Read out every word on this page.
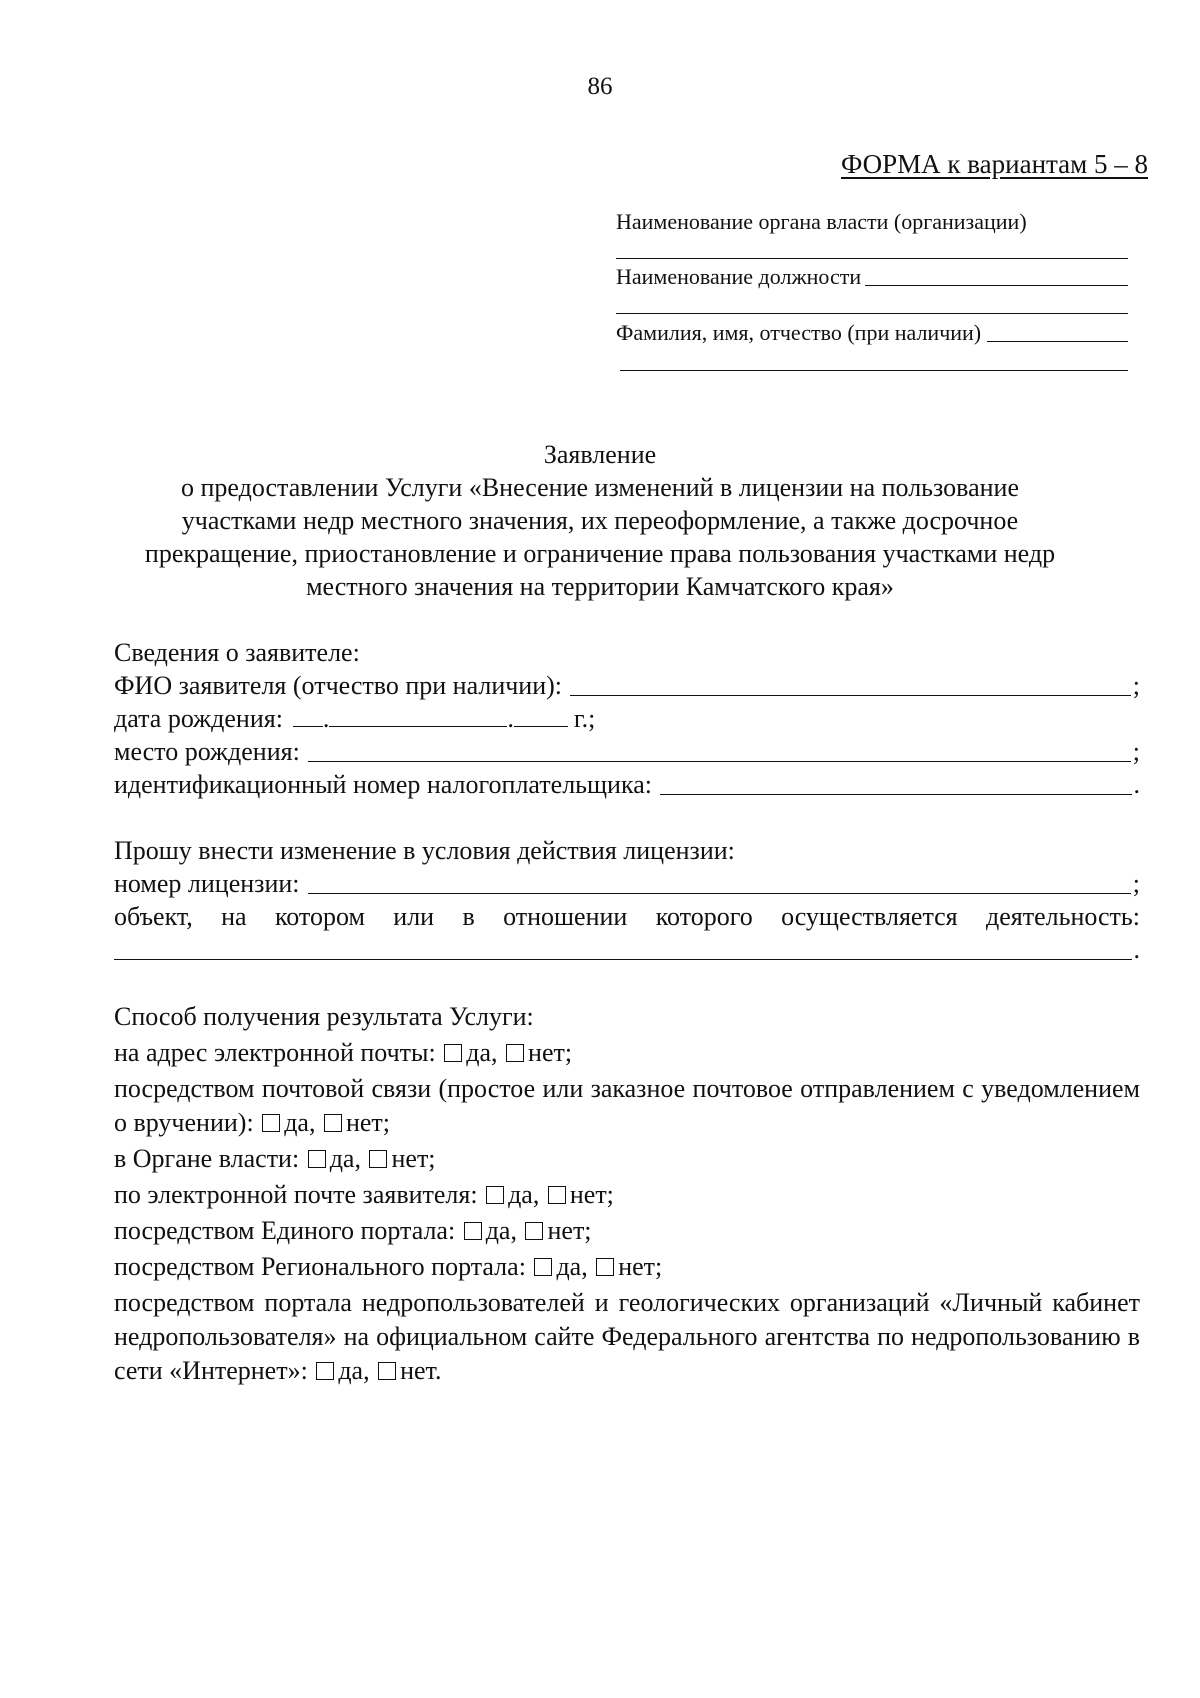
86
ФОРМА к вариантам 5 – 8
Наименование органа власти (организации)
Наименование должности
Фамилия, имя, отчество (при наличии)
Заявление
о предоставлении Услуги «Внесение изменений в лицензии на пользование
участками недр местного значения, их переоформление, а также досрочное
прекращение, приостановление и ограничение права пользования участками недр
местного значения на территории Камчатского края»
Сведения о заявителе:
ФИО заявителя (отчество при наличии):	;
дата рождения: .	. г.;
место рождения:	;
идентификационный номер налогоплательщика:	.
Прошу внести изменение в условия действия лицензии:
номер лицензии:	;
объект, на котором или в отношении которого осуществляется деятельность:
.
Способ получения результата Услуги:
на адрес электронной почты: да, нет;
посредством почтовой связи (простое или заказное почтовое отправлением с уведомлением о вручении): да, нет;
в Органе власти: да, нет;
по электронной почте заявителя: да, нет;
посредством Единого портала: да, нет;
посредством Регионального портала: да, нет;
посредством портала недропользователей и геологических организаций «Личный кабинет недропользователя» на официальном сайте Федерального агентства по недропользованию в сети «Интернет»: да, нет.
